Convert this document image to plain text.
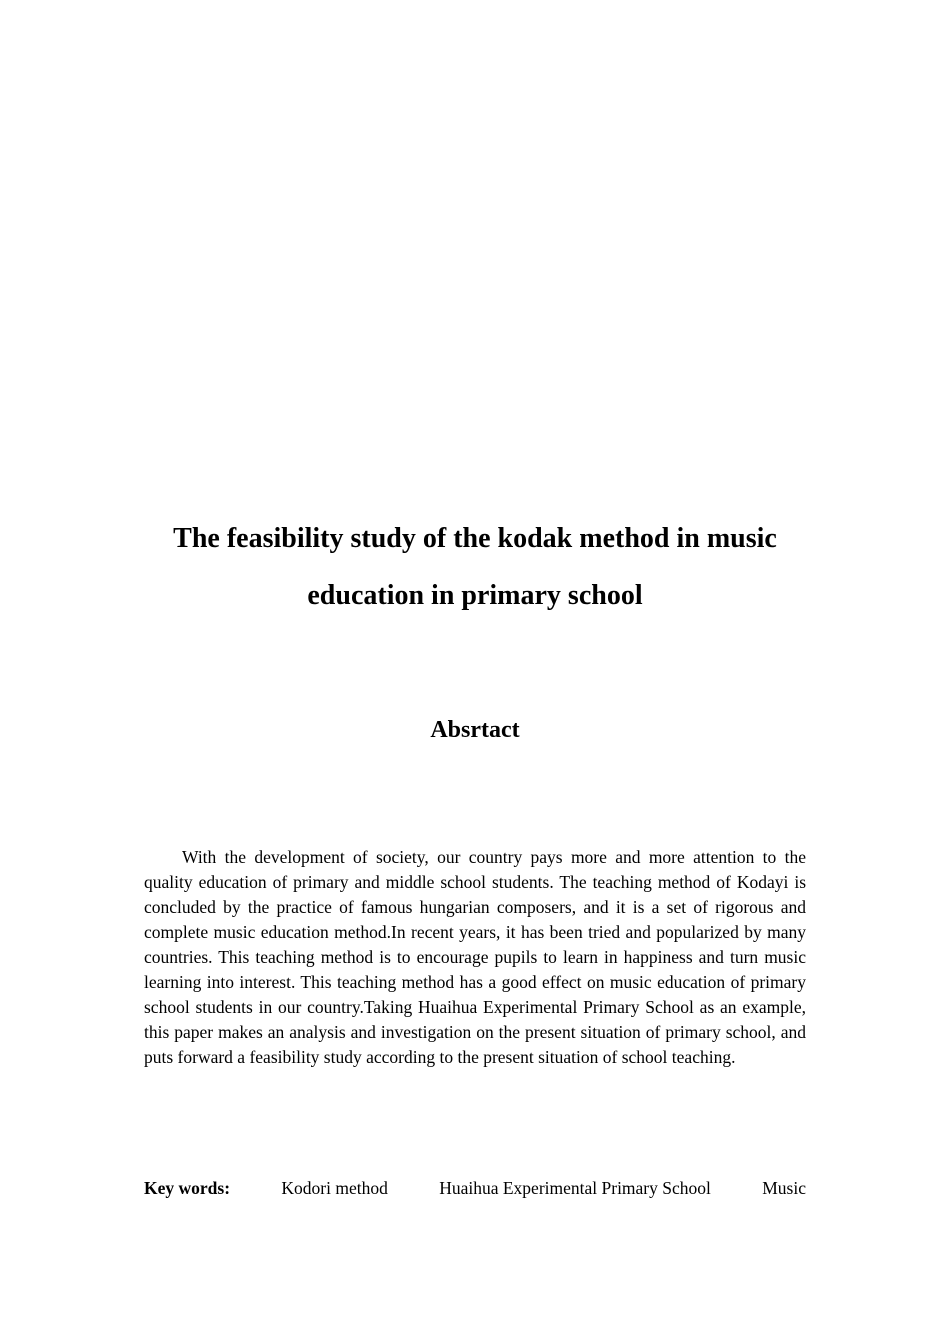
The feasibility study of the kodak method in music
education in primary school
Absrtact

With the development of society, our country pays more and more attention to the quality education of primary and middle school students. The teaching method of Kodayi is concluded by the practice of famous hungarian composers, and it is a set of rigorous and complete music education method.In recent years, it has been tried and popularized by many countries. This teaching method is to encourage pupils to learn in happiness and turn music learning into interest. This teaching method has a good effect on music education of primary school students in our country.Taking Huaihua Experimental Primary School as an example, this paper makes an analysis and investigation on the present situation of primary school, and puts forward a feasibility study according to the present situation of school teaching.

Key words:	Kodori method	Huaihua Experimental Primary School	Music
